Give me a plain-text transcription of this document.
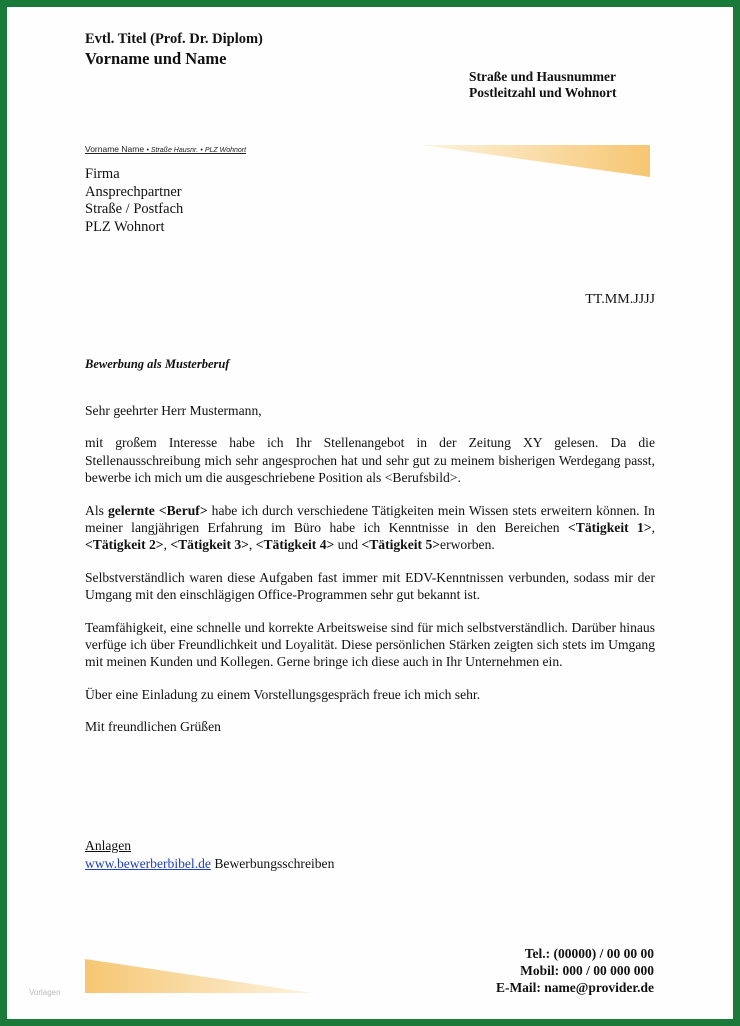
Evtl. Titel (Prof. Dr. Diplom)
Vorname und Name
Straße und Hausnummer
Postleitzahl und Wohnort
Vorname Name • Straße Hausnr. • PLZ Wohnort
Firma
Ansprechpartner
Straße / Postfach
PLZ Wohnort
TT.MM.JJJJ
Bewerbung als Musterberuf

Sehr geehrter Herr Mustermann,

mit großem Interesse habe ich Ihr Stellenangebot in der Zeitung XY gelesen. Da die Stellenausschreibung mich sehr angesprochen hat und sehr gut zu meinem bisherigen Werdegang passt, bewerbe ich mich um die ausgeschriebene Position als <Berufsbild>.

Als gelernte <Beruf> habe ich durch verschiedene Tätigkeiten mein Wissen stets erweitern können. In meiner langjährigen Erfahrung im Büro habe ich Kenntnisse in den Bereichen <Tätigkeit 1>, <Tätigkeit 2>, <Tätigkeit 3>, <Tätigkeit 4> und <Tätigkeit 5>erworben.

Selbstverständlich waren diese Aufgaben fast immer mit EDV-Kenntnissen verbunden, sodass mir der Umgang mit den einschlägigen Office-Programmen sehr gut bekannt ist.

Teamfähigkeit, eine schnelle und korrekte Arbeitsweise sind für mich selbstverständlich. Darüber hinaus verfüge ich über Freundlichkeit und Loyalität. Diese persönlichen Stärken zeigten sich stets im Umgang mit meinen Kunden und Kollegen. Gerne bringe ich diese auch in Ihr Unternehmen ein.

Über eine Einladung zu einem Vorstellungsgespräch freue ich mich sehr.

Mit freundlichen Grüßen

Anlagen
www.bewerberbibel.de Bewerbungsschreiben
Tel.: (00000) / 00 00 00
Mobil: 000 / 00 000 000
E-Mail: name@provider.de
Vorlagen
